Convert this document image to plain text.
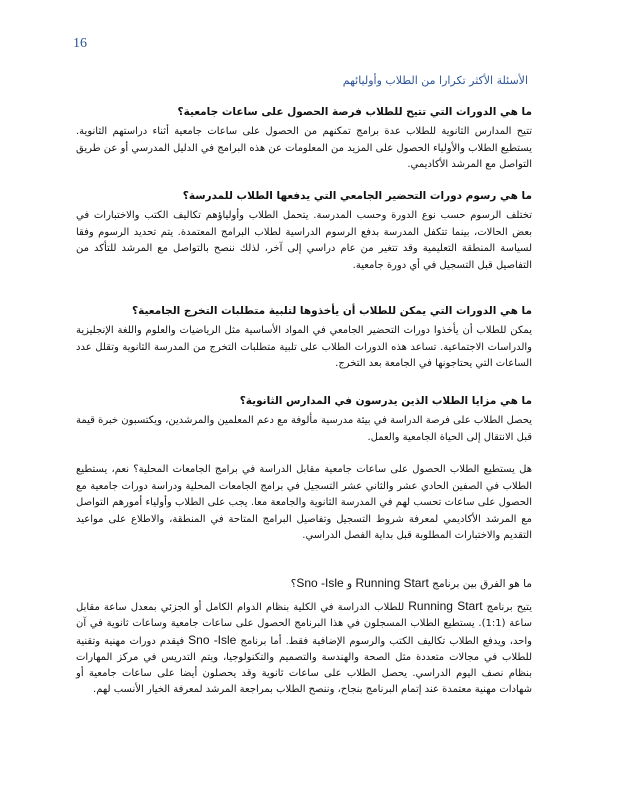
16
الأسئلة الأكثر تكرارا من الطلاب وأوليائهم

ما هي الدورات التي تتيح للطلاب فرصة الحصول على ساعات جامعية؟

تتيح المدارس الثانوية للطلاب عدة برامج تمكنهم من الحصول على ساعات جامعية أثناء دراستهم الثانوية. يستطيع الطلاب والأولياء الحصول على المزيد من المعلومات عن هذه البرامج في الدليل المدرسي أو عن طريق التواصل مع المرشد الأكاديمي.

ما هي رسوم دورات التحضير الجامعي التي يدفعها الطلاب للمدرسة؟

تختلف الرسوم حسب نوع الدورة وحسب المدرسة. يتحمل الطلاب وأولياؤهم تكاليف الكتب والاختبارات في بعض الحالات، بينما تتكفل المدرسة بدفع الرسوم الدراسية لطلاب البرامج المعتمدة. يتم تحديد الرسوم وفقا لسياسة المنطقة التعليمية وقد تتغير من عام دراسي إلى آخر، لذلك ننصح بالتواصل مع المرشد للتأكد من التفاصيل قبل التسجيل في أي دورة جامعية.

ما هي الدورات التي يمكن للطلاب أن يأخذوها لتلبية متطلبات التخرج الجامعية؟

يمكن للطلاب أن يأخذوا دورات التحضير الجامعي في المواد الأساسية مثل الرياضيات والعلوم واللغة الإنجليزية والدراسات الاجتماعية. تساعد هذه الدورات الطلاب على تلبية متطلبات التخرج من المدرسة الثانوية وتقلل عدد الساعات التي يحتاجونها في الجامعة بعد التخرج.

ما هي مزايا الطلاب الذين يدرسون في المدارس الثانوية؟

يحصل الطلاب على فرصة الدراسة في بيئة مدرسية مألوفة مع دعم المعلمين والمرشدين، ويكتسبون خبرة قيمة قبل الانتقال إلى الحياة الجامعية والعمل.

هل يستطيع الطلاب الحصول على ساعات جامعية مقابل الدراسة في برامج الجامعات المحلية؟ نعم، يستطيع الطلاب في الصفين الحادي عشر والثاني عشر التسجيل في برامج الجامعات المحلية ودراسة دورات جامعية مع الحصول على ساعات تحسب لهم في المدرسة الثانوية والجامعة معا. يجب على الطلاب وأولياء أمورهم التواصل مع المرشد الأكاديمي لمعرفة شروط التسجيل وتفاصيل البرامج المتاحة في المنطقة، والاطلاع على مواعيد التقديم والاختبارات المطلوبة قبل بداية الفصل الدراسي.

ما هو الفرق بين برنامج Running Start و Sno -Isle؟

يتيح برنامج Running Start للطلاب الدراسة في الكلية بنظام الدوام الكامل أو الجزئي بمعدل ساعة مقابل ساعة (1:1). يستطيع الطلاب المسجلون في هذا البرنامج الحصول على ساعات جامعية وساعات ثانوية في آن واحد، ويدفع الطلاب تكاليف الكتب والرسوم الإضافية فقط. أما برنامج Sno -Isle فيقدم دورات مهنية وتقنية للطلاب في مجالات متعددة مثل الصحة والهندسة والتصميم والتكنولوجيا، ويتم التدريس في مركز المهارات بنظام نصف اليوم الدراسي. يحصل الطلاب على ساعات ثانوية وقد يحصلون أيضا على ساعات جامعية أو شهادات مهنية معتمدة عند إتمام البرنامج بنجاح، وننصح الطلاب بمراجعة المرشد لمعرفة الخيار الأنسب لهم.
